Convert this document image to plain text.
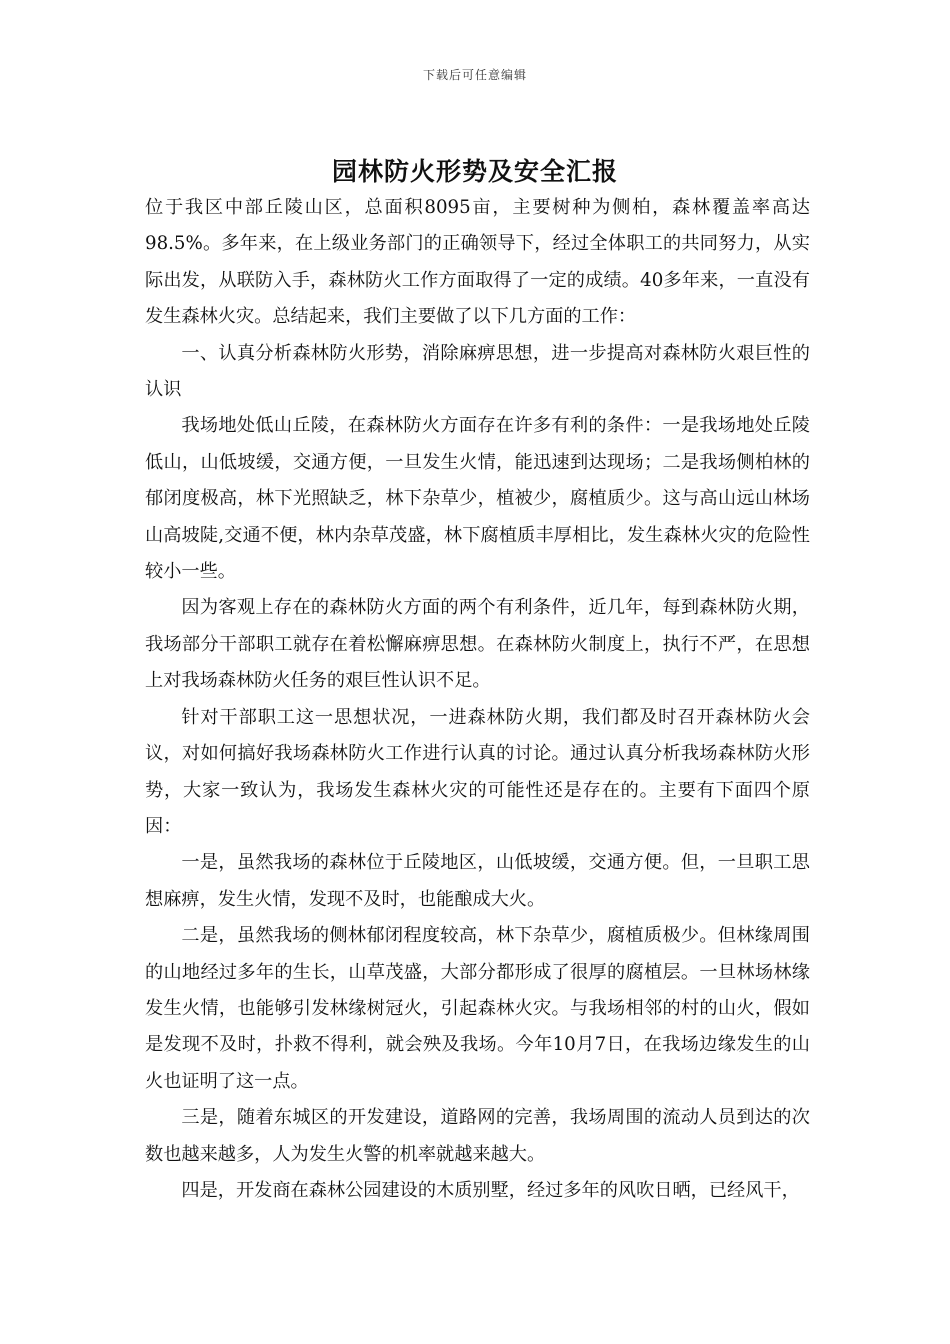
下载后可任意编辑
园林防火形势及安全汇报

位于我区中部丘陵山区，总面积8095亩，主要树种为侧柏，森林覆盖率高达98.5%。多年来，在上级业务部门的正确领导下，经过全体职工的共同努力，从实际出发，从联防入手，森林防火工作方面取得了一定的成绩。40多年来，一直没有发生森林火灾。总结起来，我们主要做了以下几方面的工作：

一、认真分析森林防火形势，消除麻痹思想，进一步提高对森林防火艰巨性的认识

我场地处低山丘陵，在森林防火方面存在许多有利的条件：一是我场地处丘陵低山，山低坡缓，交通方便，一旦发生火情，能迅速到达现场；二是我场侧柏林的郁闭度极高，林下光照缺乏，林下杂草少，植被少，腐植质少。这与高山远山林场山高坡陡,交通不便，林内杂草茂盛，林下腐植质丰厚相比，发生森林火灾的危险性较小一些。

因为客观上存在的森林防火方面的两个有利条件，近几年，每到森林防火期，我场部分干部职工就存在着松懈麻痹思想。在森林防火制度上，执行不严，在思想上对我场森林防火任务的艰巨性认识不足。

针对干部职工这一思想状况，一进森林防火期，我们都及时召开森林防火会议，对如何搞好我场森林防火工作进行认真的讨论。通过认真分析我场森林防火形势，大家一致认为，我场发生森林火灾的可能性还是存在的。主要有下面四个原因：

一是，虽然我场的森林位于丘陵地区，山低坡缓，交通方便。但，一旦职工思想麻痹，发生火情，发现不及时，也能酿成大火。

二是，虽然我场的侧林郁闭程度较高，林下杂草少，腐植质极少。但林缘周围的山地经过多年的生长，山草茂盛，大部分都形成了很厚的腐植层。一旦林场林缘发生火情，也能够引发林缘树冠火，引起森林火灾。与我场相邻的村的山火，假如是发现不及时，扑救不得利，就会殃及我场。今年10月7日，在我场边缘发生的山火也证明了这一点。

三是，随着东城区的开发建设，道路网的完善，我场周围的流动人员到达的次数也越来越多，人为发生火警的机率就越来越大。

四是，开发商在森林公园建设的木质别墅，经过多年的风吹日晒，已经风干，
